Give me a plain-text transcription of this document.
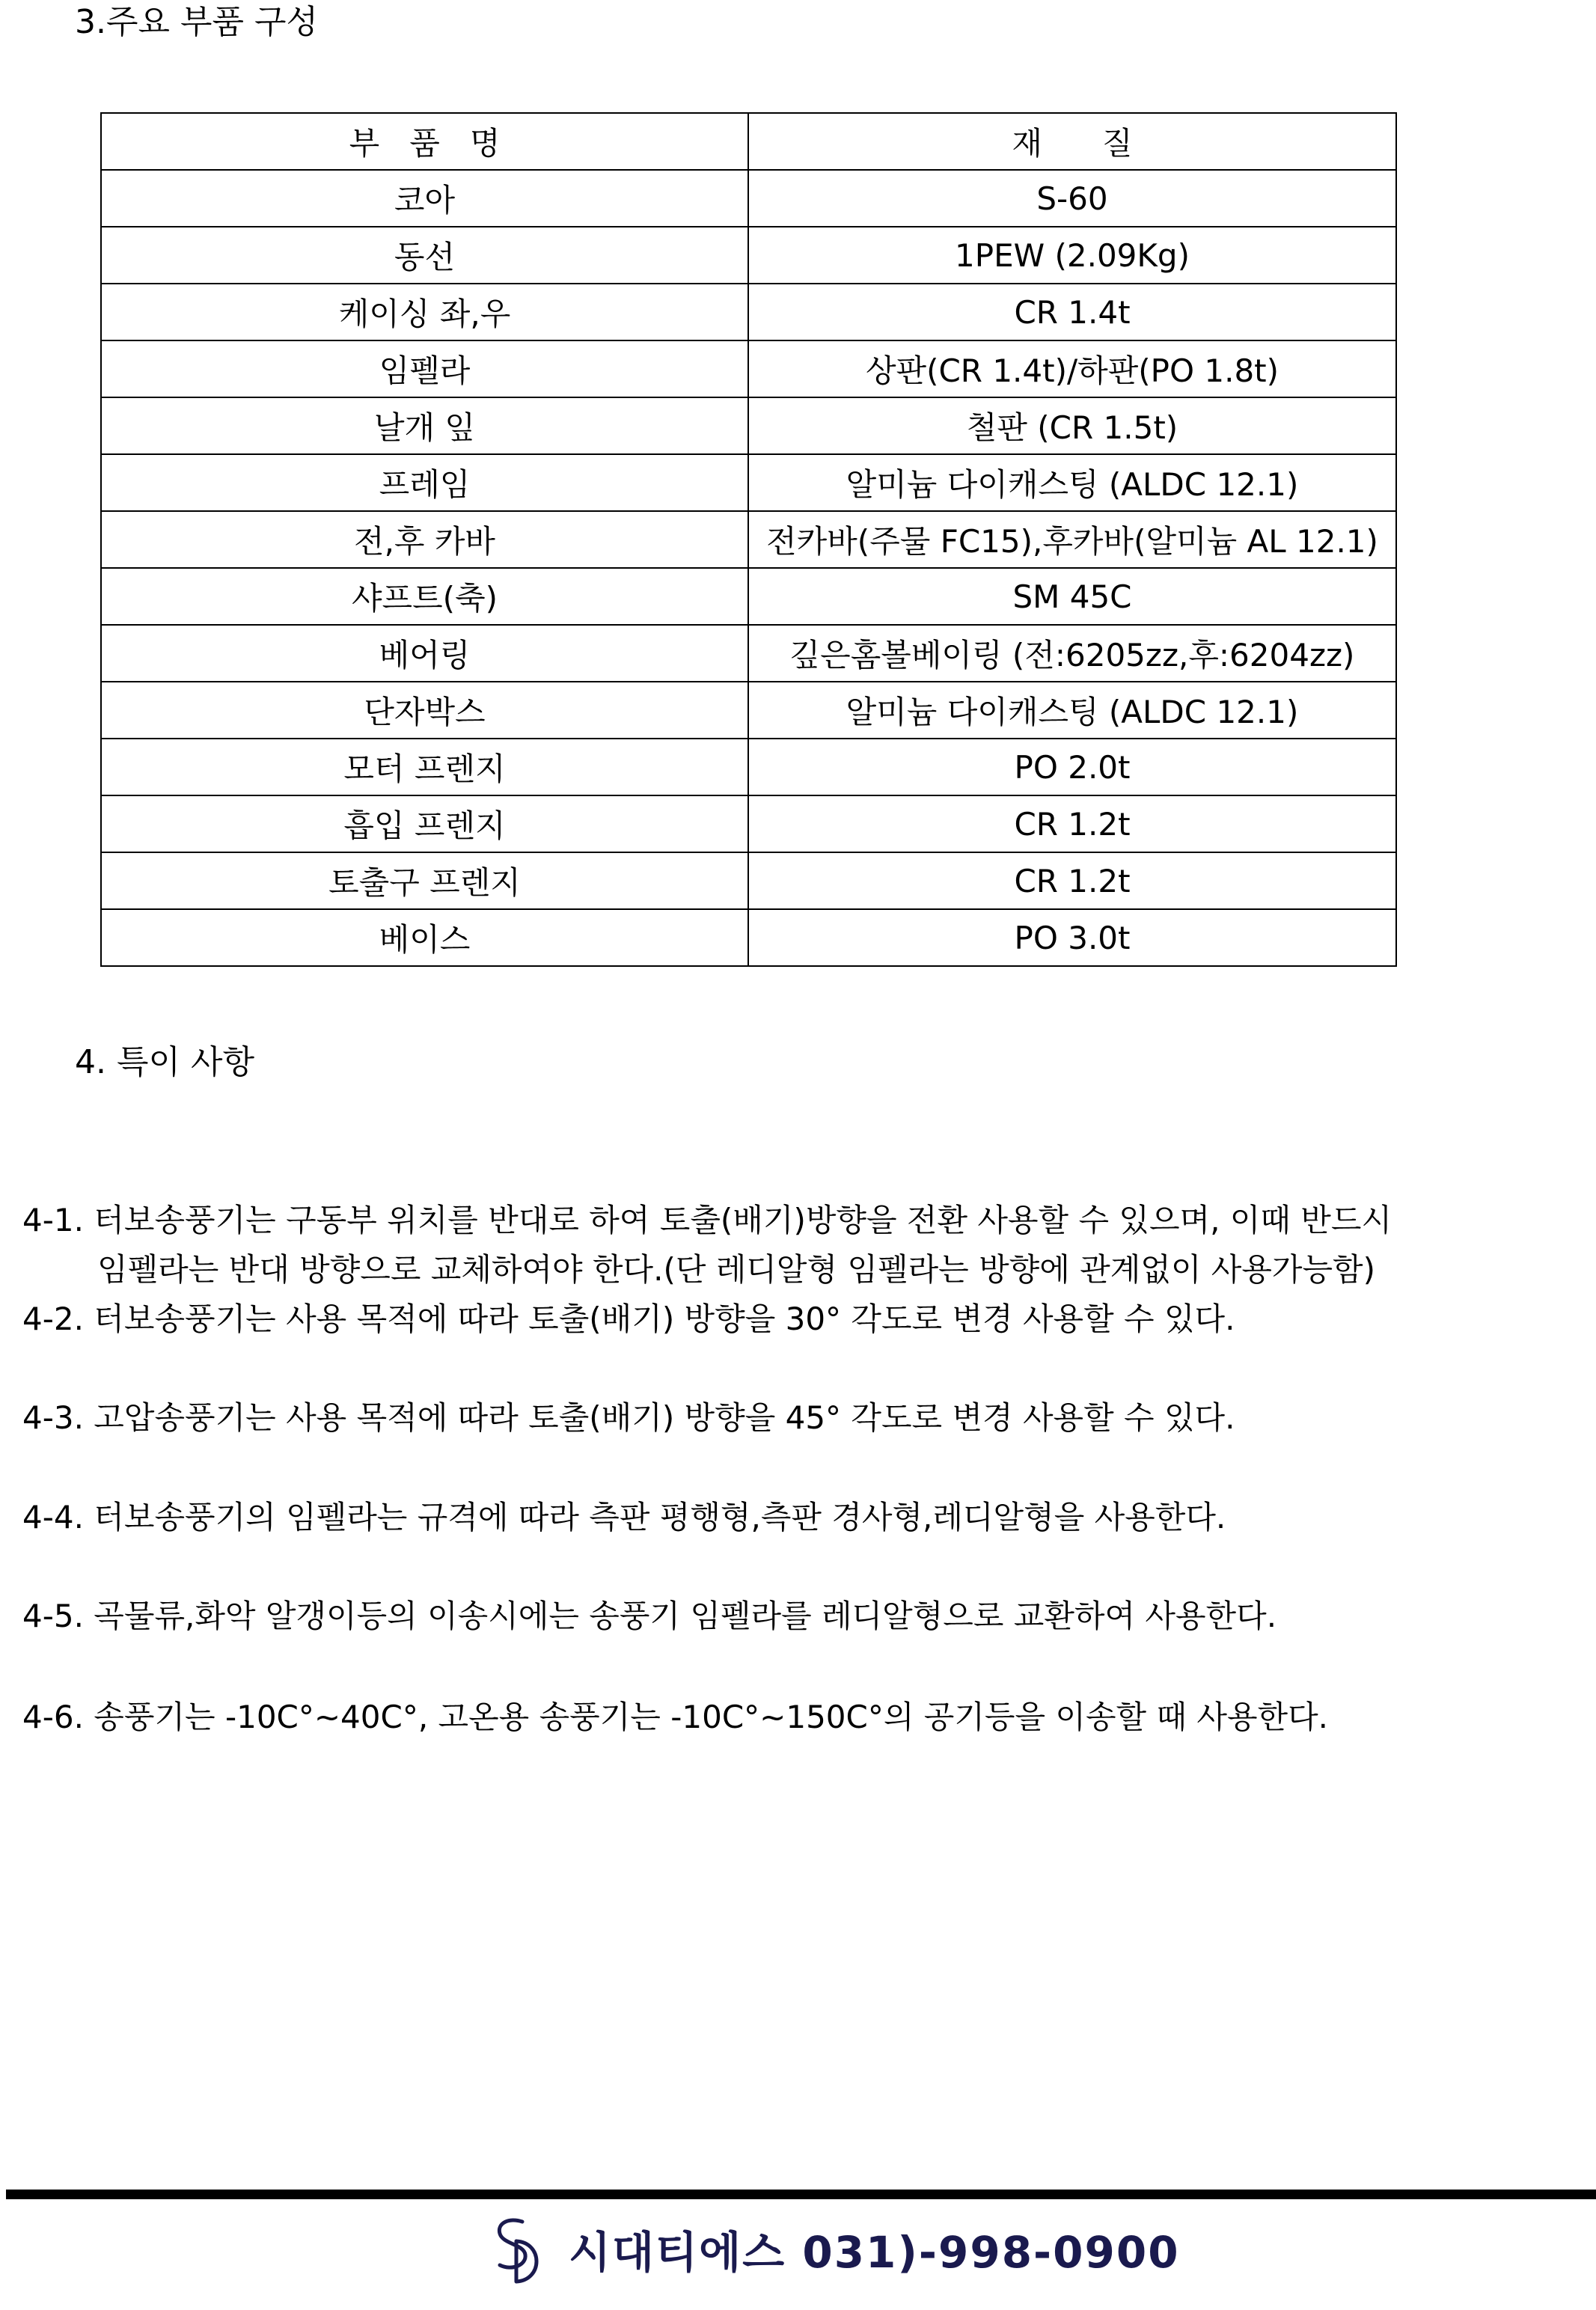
3.주요 부품 구성
부   품   명	재      질
코아	S-60
동선	1PEW (2.09Kg)
케이싱 좌,우	CR 1.4t
임펠라	상판(CR 1.4t)/하판(PO 1.8t)
날개 잎	철판 (CR 1.5t)
프레임	알미늄 다이캐스팅 (ALDC 12.1)
전,후 카바	전카바(주물 FC15),후카바(알미늄 AL 12.1)
샤프트(축)	SM 45C
베어링	깊은홈볼베이링 (전:6205zz,후:6204zz)
단자박스	알미늄 다이캐스팅 (ALDC 12.1)
모터 프렌지	PO 2.0t
흡입 프렌지	CR 1.2t
토출구 프렌지	CR 1.2t
베이스	PO 3.0t
4. 특이 사항

4-1. 터보송풍기는 구동부 위치를 반대로 하여 토출(배기)방향을 전환 사용할 수 있으며, 이때 반드시
임펠라는 반대 방향으로 교체하여야 한다.(단 레디알형 임펠라는 방향에 관계없이 사용가능함)

4-2. 터보송풍기는 사용 목적에 따라 토출(배기) 방향을 30° 각도로 변경 사용할 수 있다.

4-3. 고압송풍기는 사용 목적에 따라 토출(배기) 방향을 45° 각도로 변경 사용할 수 있다.

4-4. 터보송풍기의 임펠라는 규격에 따라 측판 평행형,측판 경사형,레디알형을 사용한다.

4-5. 곡물류,화악 알갱이등의 이송시에는 송풍기 임펠라를 레디알형으로 교환하여 사용한다.

4-6. 송풍기는 -10C°~40C°, 고온용 송풍기는 -10C°~150C°의 공기등을 이송할 때 사용한다.

시대티에스 031)-998-0900
